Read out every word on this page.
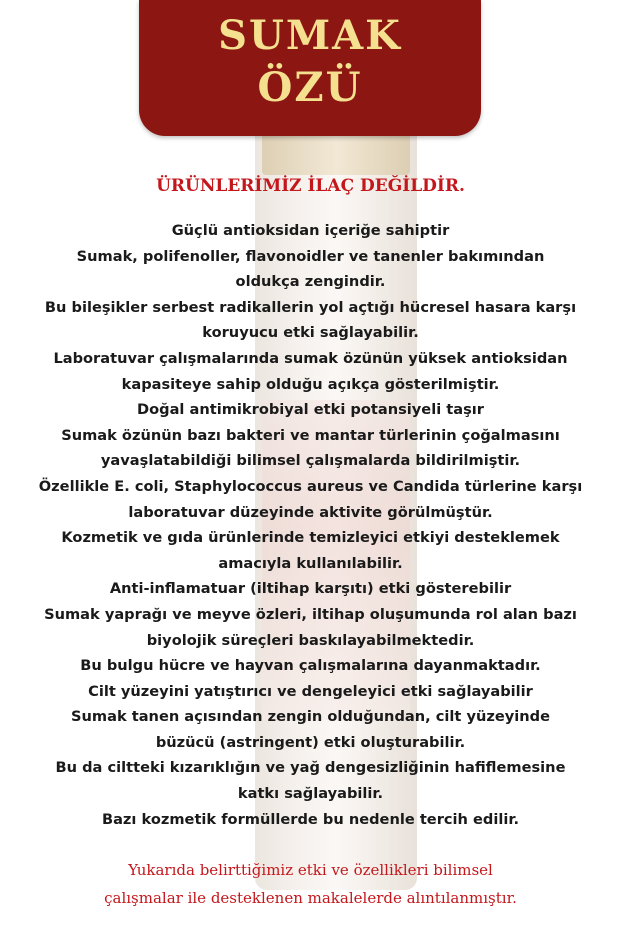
SUMAK
ÖZÜ
ÜRÜNLERİMİZ İLAÇ DEĞİLDİR.
Güçlü antioksidan içeriğe sahiptir
Sumak, polifenoller, flavonoidler ve tanenler bakımından
oldukça zengindir.
Bu bileşikler serbest radikallerin yol açtığı hücresel hasara karşı
koruyucu etki sağlayabilir.
Laboratuvar çalışmalarında sumak özünün yüksek antioksidan
kapasiteye sahip olduğu açıkça gösterilmiştir.
Doğal antimikrobiyal etki potansiyeli taşır
Sumak özünün bazı bakteri ve mantar türlerinin çoğalmasını
yavaşlatabildiği bilimsel çalışmalarda bildirilmiştir.
Özellikle E. coli, Staphylococcus aureus ve Candida türlerine karşı
laboratuvar düzeyinde aktivite görülmüştür.
Kozmetik ve gıda ürünlerinde temizleyici etkiyi desteklemek
amacıyla kullanılabilir.
Anti-inflamatuar (iltihap karşıtı) etki gösterebilir
Sumak yaprağı ve meyve özleri, iltihap oluşumunda rol alan bazı
biyolojik süreçleri baskılayabilmektedir.
Bu bulgu hücre ve hayvan çalışmalarına dayanmaktadır.
Cilt yüzeyini yatıştırıcı ve dengeleyici etki sağlayabilir
Sumak tanen açısından zengin olduğundan, cilt yüzeyinde
büzücü (astringent) etki oluşturabilir.
Bu da ciltteki kızarıklığın ve yağ dengesizliğinin hafiflemesine
katkı sağlayabilir.
Bazı kozmetik formüllerde bu nedenle tercih edilir.
Yukarıda belirttiğimiz etki ve özellikleri bilimsel
çalışmalar ile desteklenen makalelerde alıntılanmıştır.
